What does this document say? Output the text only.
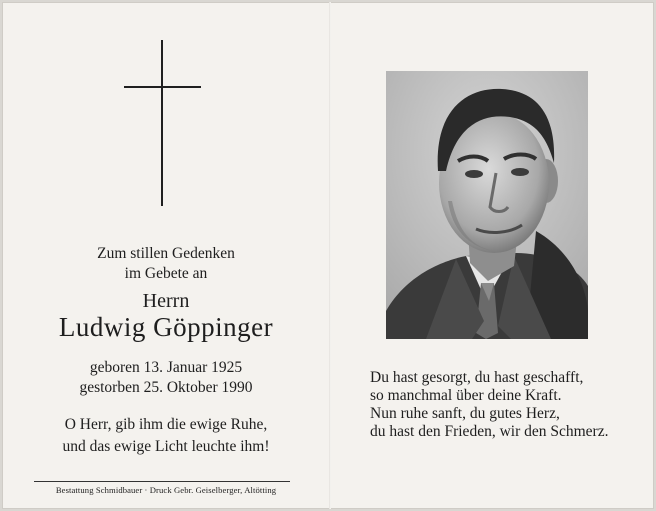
Zum stillen Gedenken
im Gebete an
Herrn
Ludwig Göppinger
geboren 13. Januar 1925
gestorben 25. Oktober 1990
O Herr, gib ihm die ewige Ruhe,
und das ewige Licht leuchte ihm!
Bestattung Schmidbauer · Druck Gebr. Geiselberger, Altötting
Du hast gesorgt, du hast geschafft,
so manchmal über deine Kraft.
Nun ruhe sanft, du gutes Herz,
du hast den Frieden, wir den Schmerz.
